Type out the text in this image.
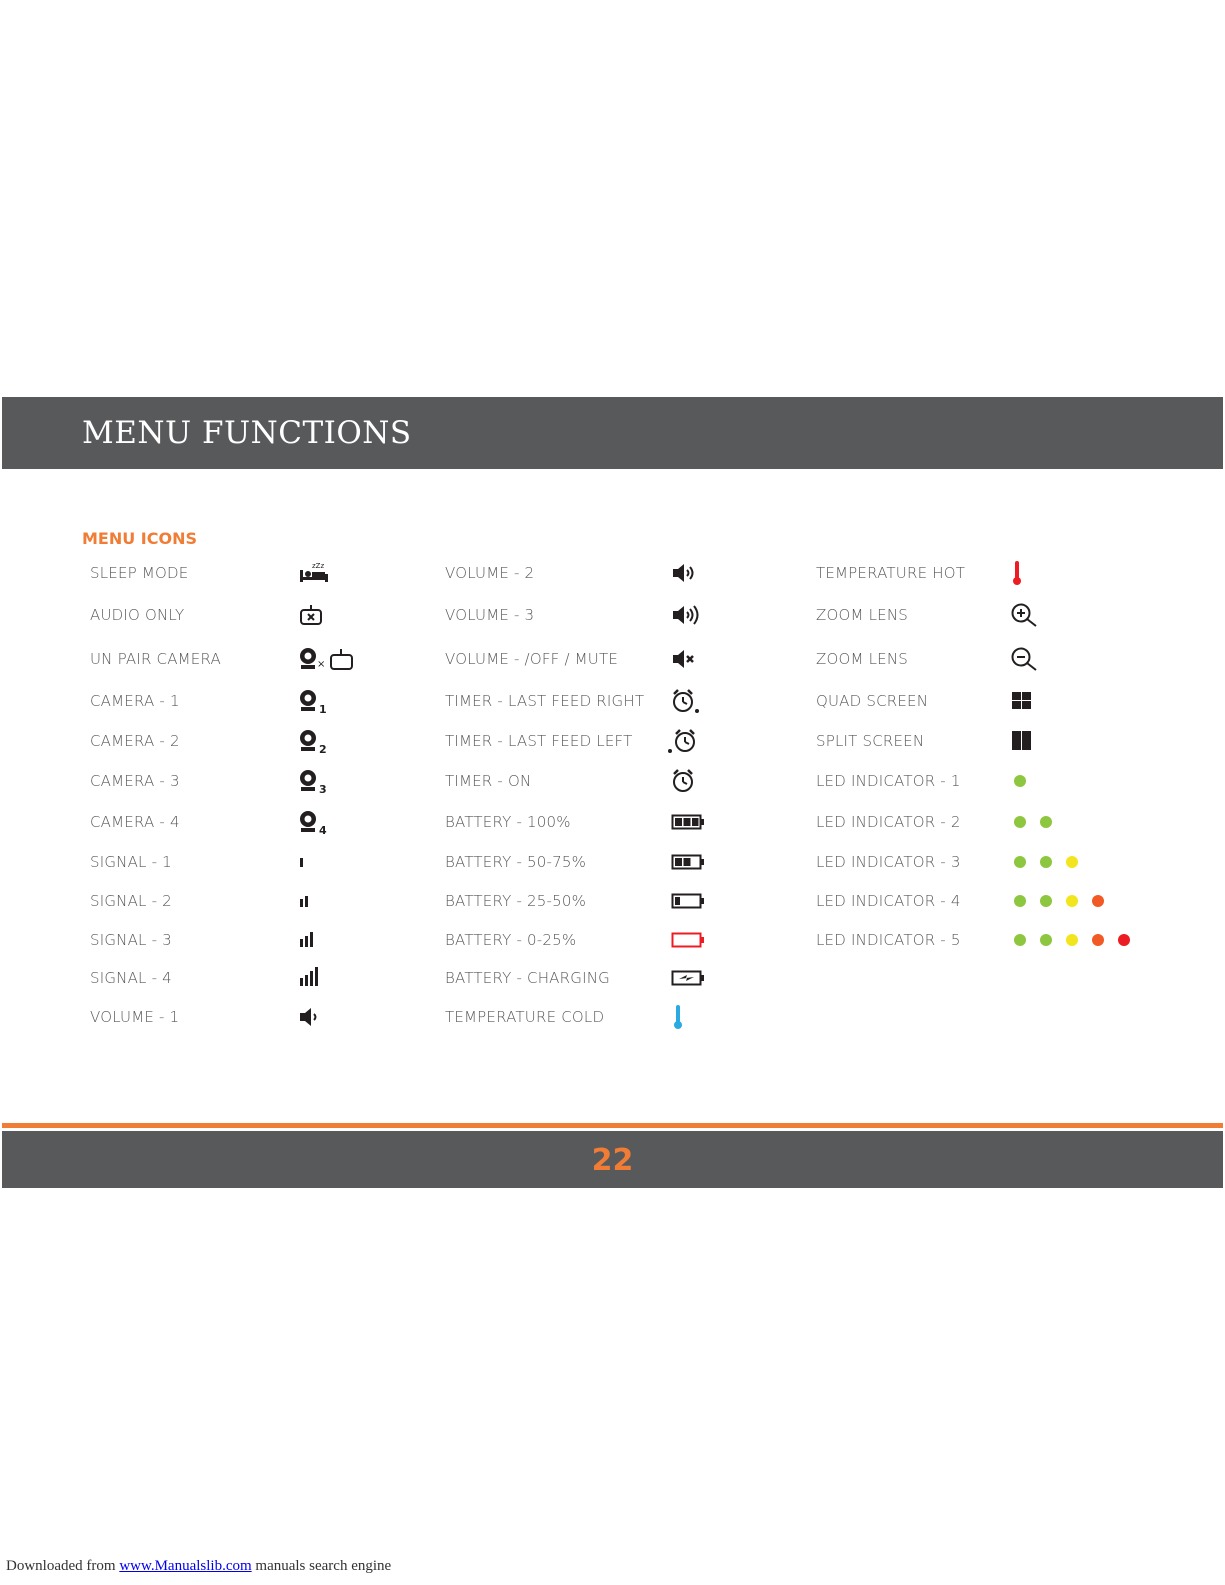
MENU FUNCTIONS
MENU ICONS
SLEEP MODE	zZz
AUDIO ONLY
UN PAIR CAMERA	×
CAMERA - 1	1
CAMERA - 2	2
CAMERA - 3	3
CAMERA - 4	4
SIGNAL - 1
SIGNAL - 2
SIGNAL - 3
SIGNAL - 4
VOLUME - 1
VOLUME - 2
VOLUME - 3
VOLUME - /OFF / MUTE
TIMER - LAST FEED RIGHT
TIMER - LAST FEED LEFT
TIMER - ON
BATTERY - 100%
BATTERY - 50-75%
BATTERY - 25-50%
BATTERY - 0-25%
BATTERY - CHARGING
TEMPERATURE COLD
TEMPERATURE HOT
ZOOM LENS
ZOOM LENS
QUAD SCREEN
SPLIT SCREEN
LED INDICATOR - 1
LED INDICATOR - 2
LED INDICATOR - 3
LED INDICATOR - 4
LED INDICATOR - 5
22
Downloaded from www.Manualslib.com manuals search engine
